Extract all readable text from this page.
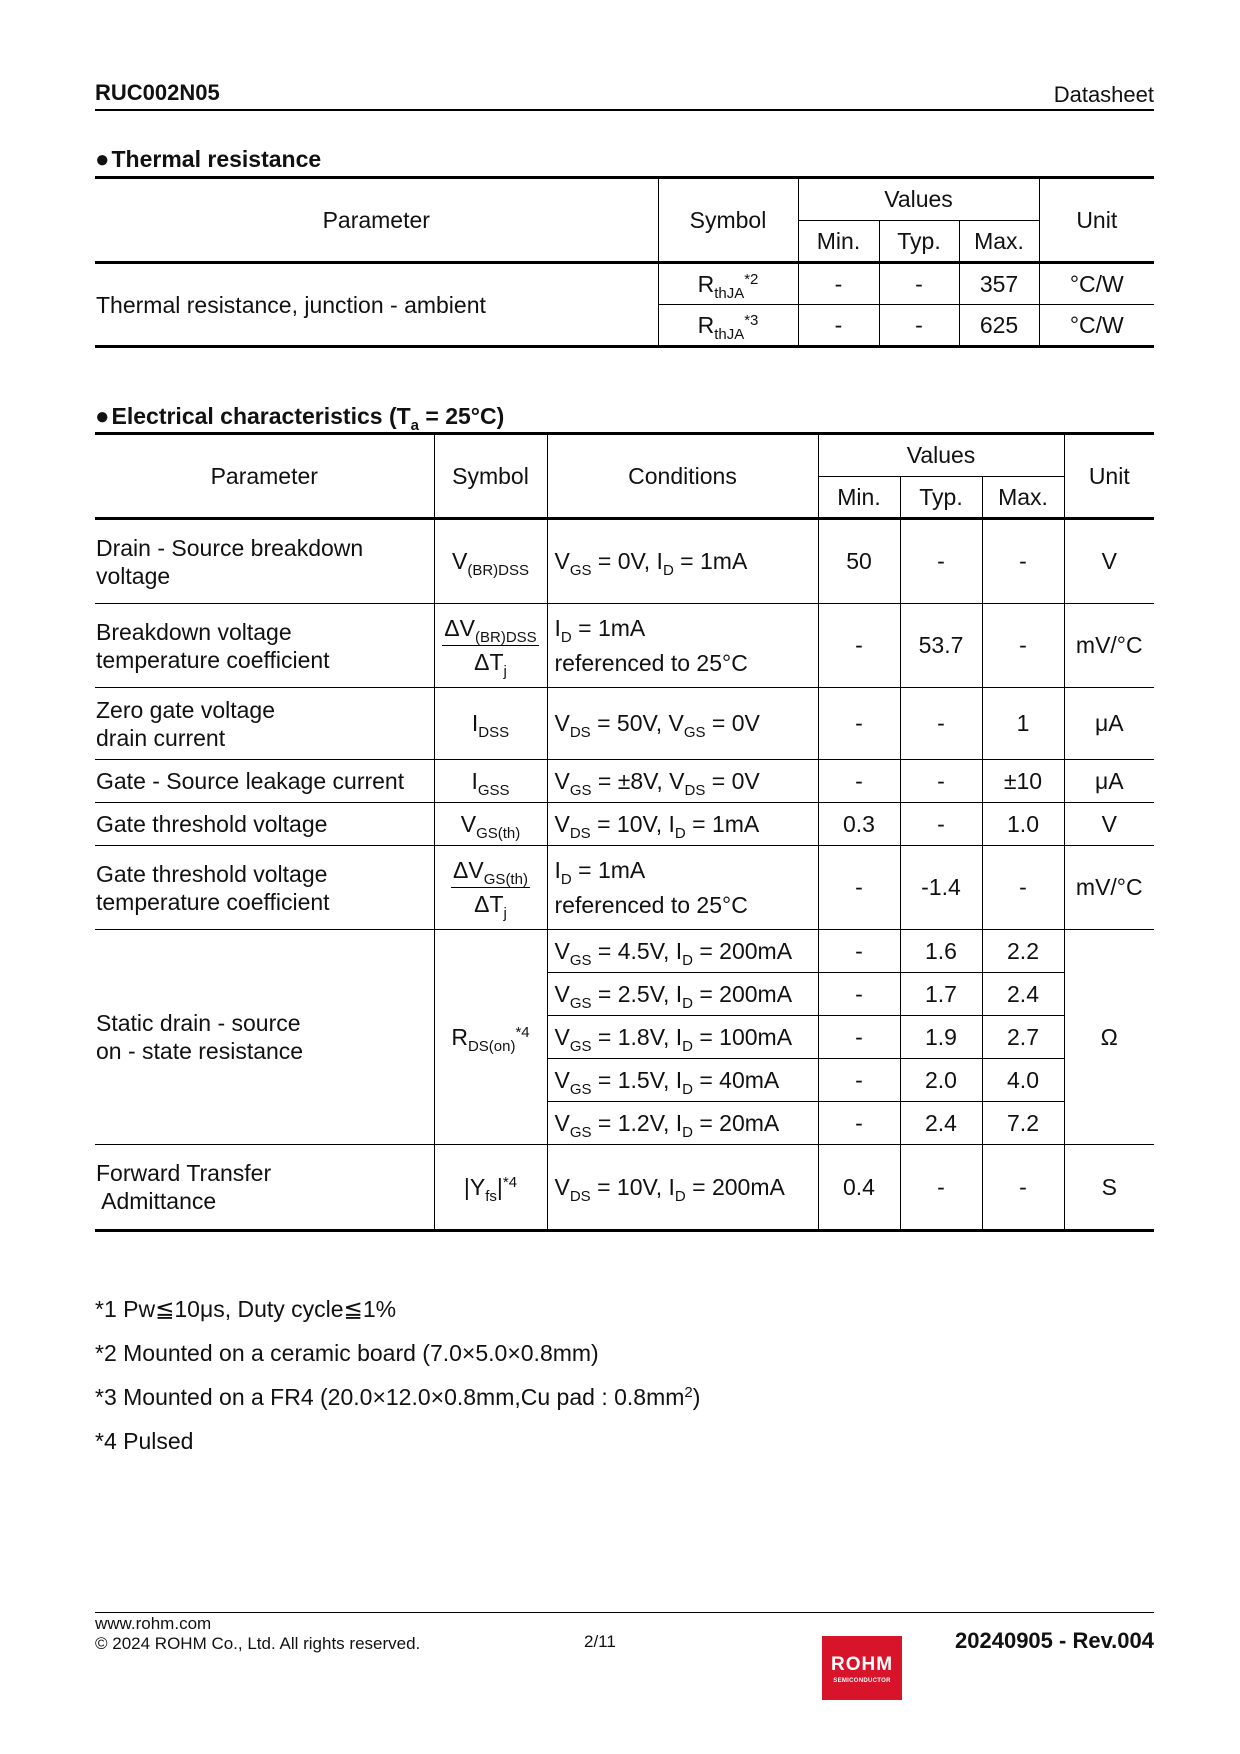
RUC002N05	Datasheet
●Thermal resistance
Parameter	Symbol	Values			Unit
		Min.	Typ.	Max.	
Thermal resistance, junction - ambient	$R_{thJA}^{*2}$	-	-	357	°C/W
	$R_{thJA}^{*3}$	-	-	625	°C/W
●Electrical characteristics $(T_a = 25^\circ C)$
Parameter	Symbol	Conditions	Values			Unit
			Min.	Typ.	Max.	
Drain - Source breakdown
voltage	$V_{(BR)DSS}$	$V_{GS} = 0V$, $I_D = 1mA$	50	-	-	V
Breakdown voltage
temperature coefficient	$\frac{\Delta V_{(BR)DSS}}{\Delta T_j}$	$I_D = 1mA$
referenced to 25°C	-	53.7	-	mV/°C
Zero gate voltage
drain current	$I_{DSS}$	$V_{DS} = 50V$, $V_{GS} = 0V$	-	-	1	μA
Gate - Source leakage current	$I_{GSS}$	$V_{GS} = \pm 8V$, $V_{DS} = 0V$	-	-	±10	μA
Gate threshold voltage	$V_{GS(th)}$	$V_{DS} = 10V$, $I_D = 1mA$	0.3	-	1.0	V
Gate threshold voltage
temperature coefficient	$\frac{\Delta V_{GS(th)}}{\Delta T_j}$	$I_D = 1mA$
referenced to 25°C	-	-1.4	-	mV/°C
Static drain - source
on - state resistance	$R_{DS(on)}^{*4}$	$V_{GS} = 4.5V$, $I_D = 200mA$	-	1.6	2.2	Ω
		$V_{GS} = 2.5V$, $I_D = 200mA$	-	1.7	2.4	
		$V_{GS} = 1.8V$, $I_D = 100mA$	-	1.9	2.7	
		$V_{GS} = 1.5V$, $I_D = 40mA$	-	2.0	4.0	
		$V_{GS} = 1.2V$, $I_D = 20mA$	-	2.4	7.2	
Forward Transfer
Admittance	$|Y_{fs}|^{*4}$	$V_{DS} = 10V$, $I_D = 200mA$	0.4	-	-	S
*1 Pw≦10μs, Duty cycle≦1%
*2 Mounted on a ceramic board (7.0×5.0×0.8mm)
*3 Mounted on a FR4 (20.0×12.0×0.8mm,Cu pad : $0.8mm^2$)
*4 Pulsed
www.rohm.com
© 2024 ROHM Co., Ltd. All rights reserved.	2/11
ROHM
SEMICONDUCTOR
20240905 - Rev.004
